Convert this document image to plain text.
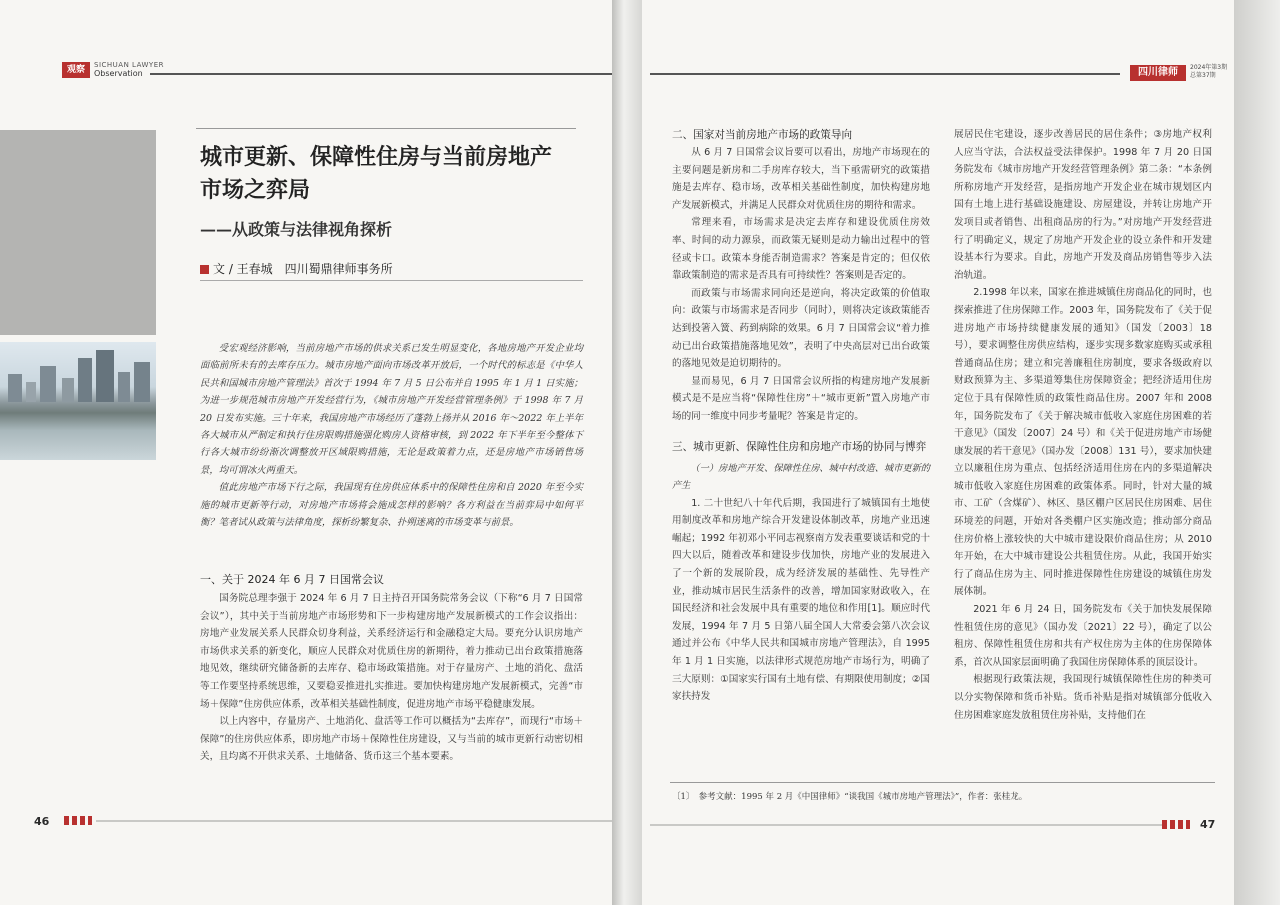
观察	SICHUAN LAWYER
Observation
城市更新、保障性住房与当前房地产
市场之弈局
——从政策与法律视角探析
文 / 王春城　四川蜀鼎律师事务所

受宏观经济影响，当前房地产市场的供求关系已发生明显变化，各地房地产开发企业均面临前所未有的去库存压力。城市房地产面向市场改革开放后，一个时代的标志是《中华人民共和国城市房地产管理法》首次于 1994 年 7 月 5 日公布并自 1995 年 1 月 1 日实施；为进一步规范城市房地产开发经营行为，《城市房地产开发经营管理条例》于 1998 年 7 月 20 日发布实施。三十年来，我国房地产市场经历了蓬勃上扬并从 2016 年～2022 年上半年各大城市从严制定和执行住房限购措施强化购房人资格审核，到 2022 年下半年至今整体下行各大城市纷纷渐次调整放开区域限购措施，无论是政策着力点，还是房地产市场销售场景，均可谓冰火两重天。

值此房地产市场下行之际，我国现有住房供应体系中的保障性住房和自 2020 年至今实施的城市更新等行动，对房地产市场将会施成怎样的影响？各方利益在当前弈局中如何平衡？笔者试从政策与法律角度，探析纷繁复杂、扑朔迷离的市场变革与前景。

一、关于 2024 年 6 月 7 日国常会议

国务院总理李强于 2024 年 6 月 7 日主持召开国务院常务会议（下称“6 月 7 日国常会议”），其中关于当前房地产市场形势和下一步构建房地产发展新模式的工作会议指出：房地产业发展关系人民群众切身利益，关系经济运行和金融稳定大局。要充分认识房地产市场供求关系的新变化，顺应人民群众对优质住房的新期待，着力推动已出台政策措施落地见效，继续研究储备新的去库存、稳市场政策措施。对于存量房产、土地的消化、盘活等工作要坚持系统思维，又要稳妥推进扎实推进。要加快构建房地产发展新模式，完善“市场＋保障”住房供应体系，改革相关基础性制度，促进房地产市场平稳健康发展。

以上内容中，存量房产、土地消化、盘活等工作可以概括为“去库存”，而现行“市场＋保障”的住房供应体系，即房地产市场＋保障性住房建设，又与当前的城市更新行动密切相关，且均离不开供求关系、土地储备、货币这三个基本要素。

46
四川律师	2024年第3期 总第37期
二、国家对当前房地产市场的政策导向

从 6 月 7 日国常会议旨要可以看出，房地产市场现在的主要问题是新房和二手房库存较大，当下亟需研究的政策措施是去库存、稳市场，改革相关基础性制度，加快构建房地产发展新模式，并满足人民群众对优质住房的期待和需求。

常理来看，市场需求是决定去库存和建设优质住房效率、时间的动力源泉，而政策无疑则是动力输出过程中的管径或卡口。政策本身能否制造需求？答案是肯定的；但仅依靠政策制造的需求是否具有可持续性？答案则是否定的。

而政策与市场需求同向还是逆向，将决定政策的价值取向：政策与市场需求是否同步（同时），则将决定该政策能否达到投箸入簧、药到病除的效果。6 月 7 日国常会议“着力推动已出台政策措施落地见效”，表明了中央高层对已出台政策的落地见效是迫切期待的。

显而易见，6 月 7 日国常会议所指的构建房地产发展新模式是不是应当将“保障性住房”＋“城市更新”置入房地产市场的同一维度中同步考量呢？答案是肯定的。

三、城市更新、保障性住房和房地产市场的协同与博弈

（一）房地产开发、保障性住房、城中村改造、城市更新的产生

1. 二十世纪八十年代后期，我国进行了城镇国有土地使用制度改革和房地产综合开发建设体制改革，房地产业迅速崛起；1992 年初邓小平同志视察南方发表重要谈话和党的十四大以后，随着改革和建设步伐加快，房地产业的发展进入了一个新的发展阶段，成为经济发展的基础性、先导性产业，推动城市居民生活条件的改善，增加国家财政收入，在国民经济和社会发展中具有重要的地位和作用[1]。顺应时代发展，1994 年 7 月 5 日第八届全国人大常委会第八次会议通过并公布《中华人民共和国城市房地产管理法》，自 1995 年 1 月 1 日实施，以法律形式规范房地产市场行为，明确了三大原则：①国家实行国有土地有偿、有期限使用制度；②国家扶持发

展居民住宅建设，逐步改善居民的居住条件；③房地产权利人应当守法，合法权益受法律保护。1998 年 7 月 20 日国务院发布《城市房地产开发经营管理条例》第二条：“本条例所称房地产开发经营，是指房地产开发企业在城市规划区内国有土地上进行基础设施建设、房屋建设，并转让房地产开发项目或者销售、出租商品房的行为。”对房地产开发经营进行了明确定义，规定了房地产开发企业的设立条件和开发建设基本行为要求。自此，房地产开发及商品房销售等步入法治轨道。

2.1998 年以来，国家在推进城镇住房商品化的同时，也探索推进了住房保障工作。2003 年，国务院发布了《关于促进房地产市场持续健康发展的通知》（国发〔2003〕18 号），要求调整住房供应结构，逐步实现多数家庭购买或承租普通商品住房；建立和完善廉租住房制度，要求各级政府以财政预算为主、多渠道筹集住房保障资金；把经济适用住房定位于具有保障性质的政策性商品住房。2007 年和 2008 年，国务院发布了《关于解决城市低收入家庭住房困难的若干意见》（国发〔2007〕24 号）和《关于促进房地产市场健康发展的若干意见》（国办发〔2008〕131 号），要求加快建立以廉租住房为重点、包括经济适用住房在内的多渠道解决城市低收入家庭住房困难的政策体系。同时，针对大量的城市、工矿（含煤矿）、林区、垦区棚户区居民住房困难、居住环境差的问题，开始对各类棚户区实施改造；推动部分商品住房价格上涨较快的大中城市建设限价商品住房；从 2010 年开始，在大中城市建设公共租赁住房。从此，我国开始实行了商品住房为主、同时推进保障性住房建设的城镇住房发展体制。

2021 年 6 月 24 日，国务院发布《关于加快发展保障性租赁住房的意见》（国办发〔2021〕22 号），确定了以公租房、保障性租赁住房和共有产权住房为主体的住房保障体系，首次从国家层面明确了我国住房保障体系的顶层设计。

根据现行政策法规，我国现行城镇保障性住房的种类可以分实物保障和货币补贴。货币补贴是指对城镇部分低收入住房困难家庭发放租赁住房补贴，支持他们在

〔1〕　参考文献：1995 年 2 月《中国律师》“谈我国《城市房地产管理法》”，作者：张桂龙。
47
